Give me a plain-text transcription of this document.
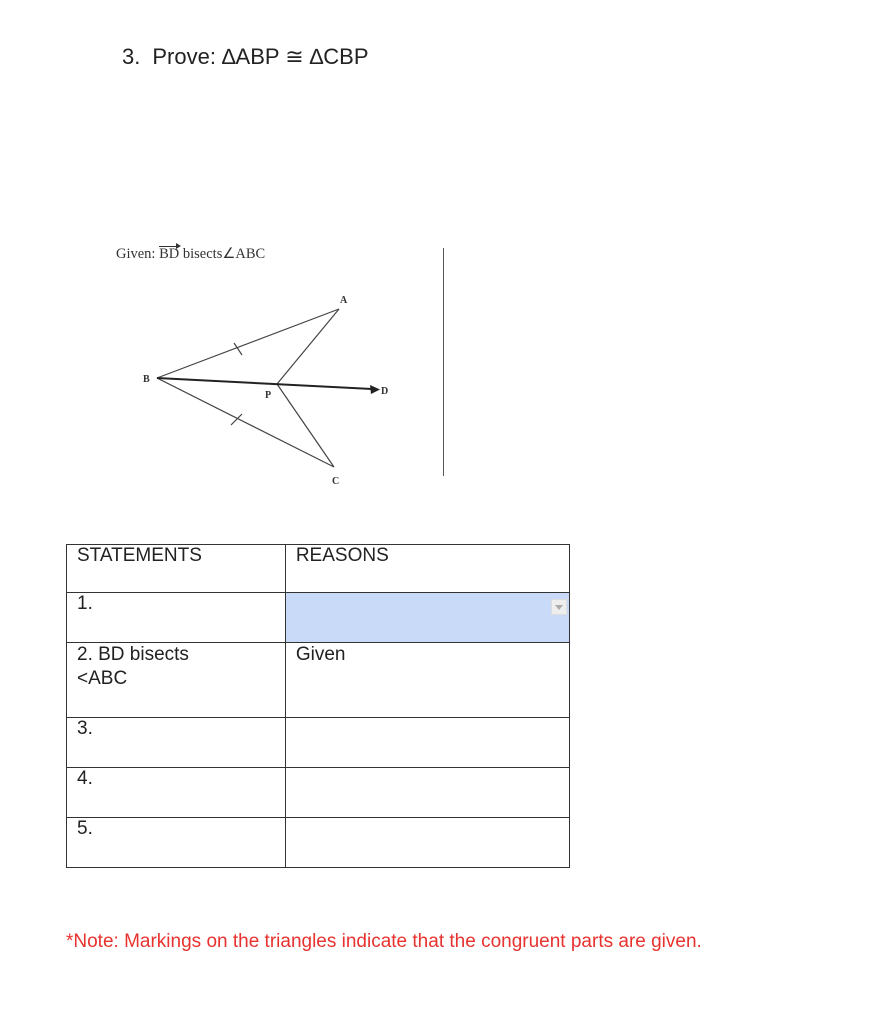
3. Prove: ∆ABP ≅ ∆CBP
Given: BD bisects∠ABC
A
B
P	D
C
STATEMENTS	REASONS
1.	

2. BD bisects
<ABC	Given
3.	
4.	
5.	
*Note: Markings on the triangles indicate that the congruent parts are given.
